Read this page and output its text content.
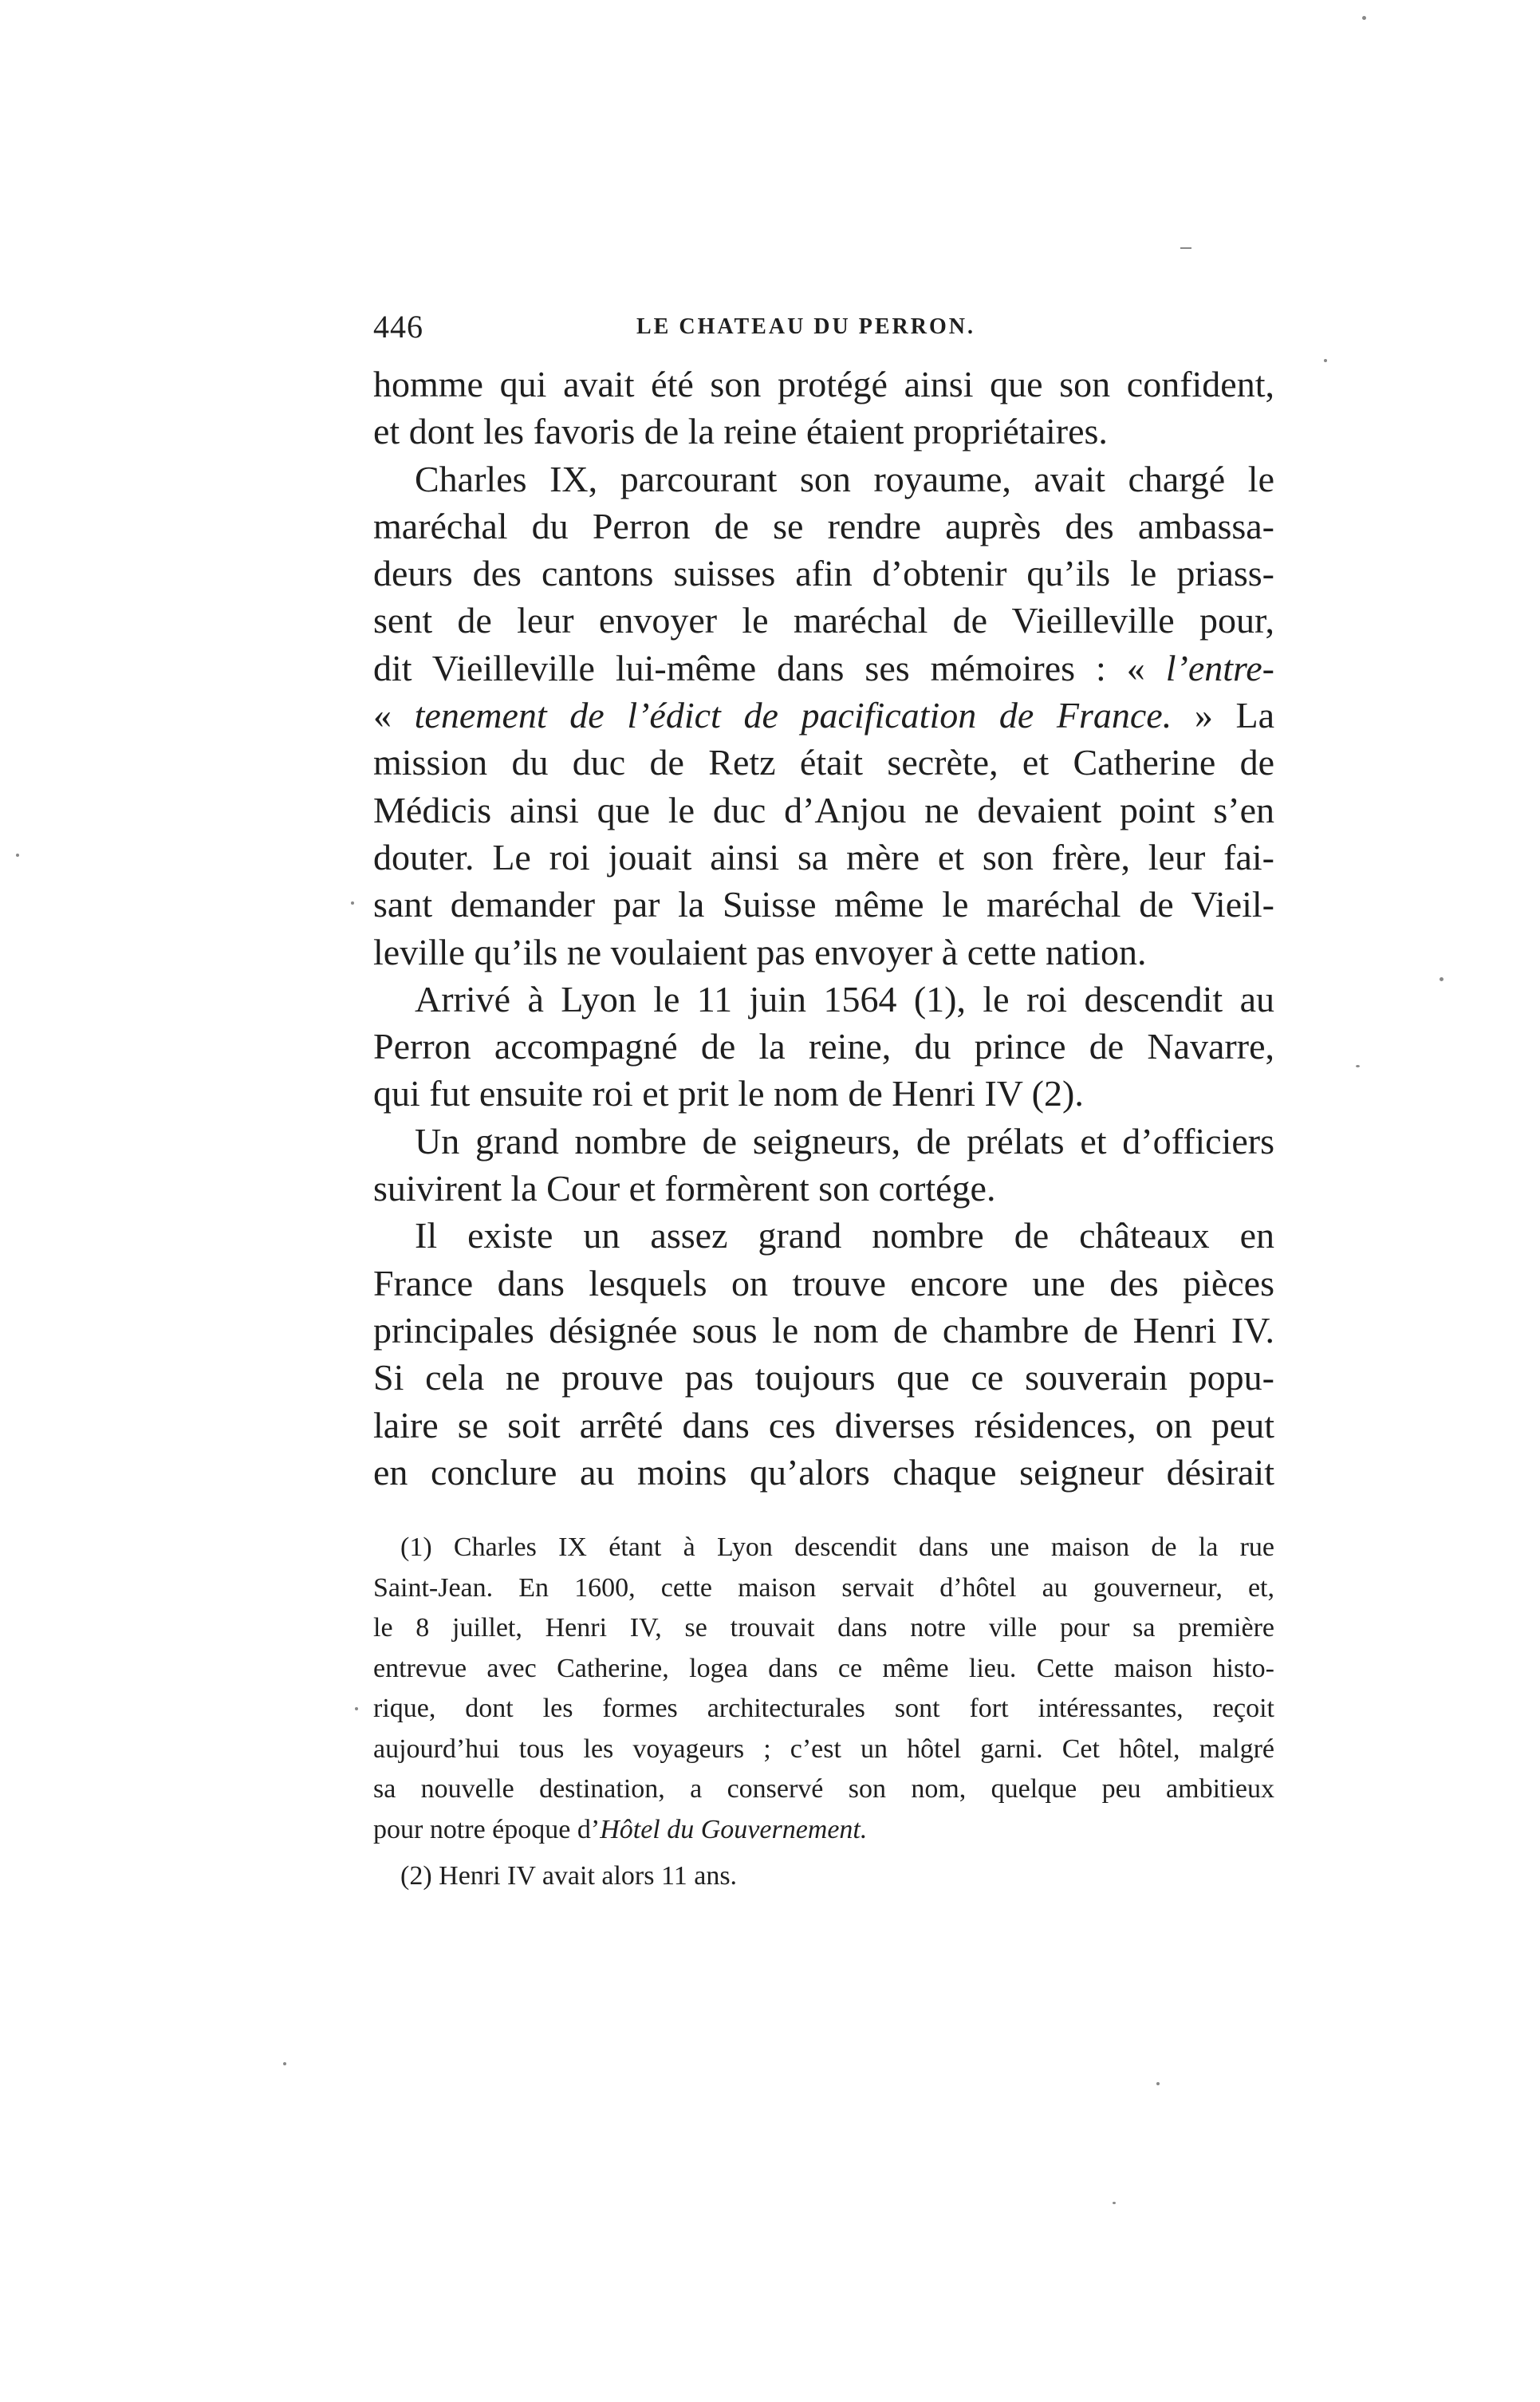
446	LE CHATEAU DU PERRON.
homme qui avait été son protégé ainsi que son confident,
et dont les favoris de la reine étaient propriétaires.
Charles IX, parcourant son royaume, avait chargé le
maréchal du Perron de se rendre auprès des ambassa-
deurs des cantons suisses afin d’obtenir qu’ils le priass-
sent de leur envoyer le maréchal de Vieilleville pour,
dit Vieilleville lui-même dans ses mémoires : « l’entre-
« tenement de l’édict de pacification de France. » La
mission du duc de Retz était secrète, et Catherine de
Médicis ainsi que le duc d’Anjou ne devaient point s’en
douter. Le roi jouait ainsi sa mère et son frère, leur fai-
sant demander par la Suisse même le maréchal de Vieil-
leville qu’ils ne voulaient pas envoyer à cette nation.
Arrivé à Lyon le 11 juin 1564 (1), le roi descendit au
Perron accompagné de la reine, du prince de Navarre,
qui fut ensuite roi et prit le nom de Henri IV (2).
Un grand nombre de seigneurs, de prélats et d’officiers
suivirent la Cour et formèrent son cortége.
Il existe un assez grand nombre de châteaux en
France dans lesquels on trouve encore une des pièces
principales désignée sous le nom de chambre de Henri IV.
Si cela ne prouve pas toujours que ce souverain popu-
laire se soit arrêté dans ces diverses résidences, on peut
en conclure au moins qu’alors chaque seigneur désirait
(1) Charles IX étant à Lyon descendit dans une maison de la rue
Saint-Jean. En 1600, cette maison servait d’hôtel au gouverneur, et,
le 8 juillet, Henri IV, se trouvait dans notre ville pour sa première
entrevue avec Catherine, logea dans ce même lieu. Cette maison histo-
rique, dont les formes architecturales sont fort intéressantes, reçoit
aujourd’hui tous les voyageurs ; c’est un hôtel garni. Cet hôtel, malgré
sa nouvelle destination, a conservé son nom, quelque peu ambitieux
pour notre époque d’Hôtel du Gouvernement.
(2) Henri IV avait alors 11 ans.
